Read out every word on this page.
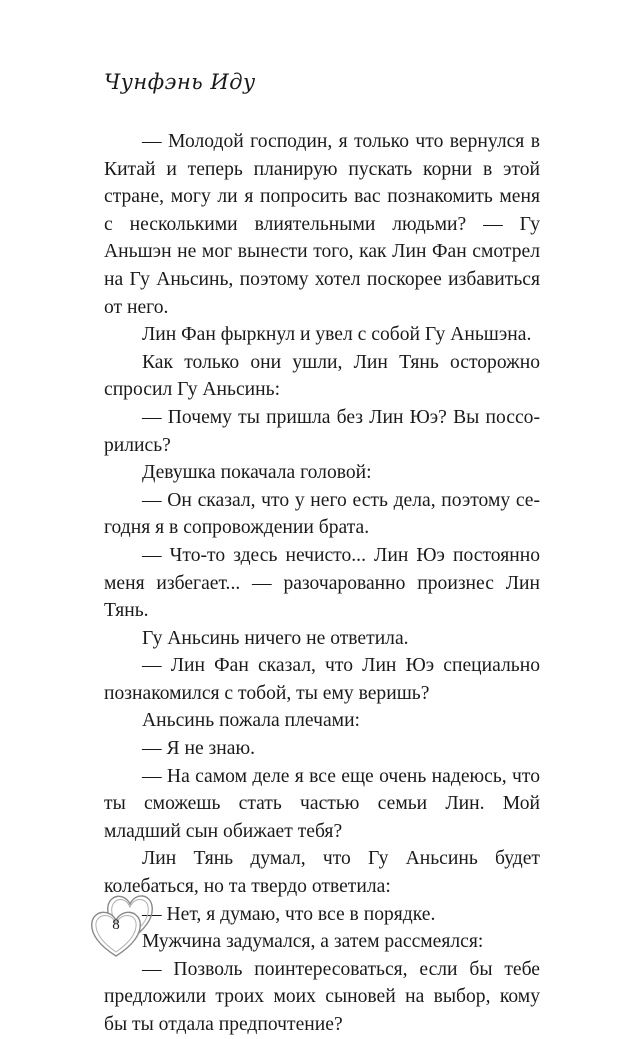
Чунфэнь Иду

— Молодой господин, я только что вернулся в Китай и теперь планирую пускать корни в этой стране, могу ли я попросить вас познакомить меня с несколькими влиятельными людьми? — Гу Аньшэн не мог вынести того, как Лин Фан смотрел на Гу Аньсинь, поэтому хотел поскорее избавиться от него.

Лин Фан фыркнул и увел с собой Гу Аньшэна.

Как только они ушли, Лин Тянь осторожно спросил Гу Аньсинь:

— Почему ты пришла без Лин Юэ? Вы поссорились?

Девушка покачала головой:

— Он сказал, что у него есть дела, поэтому сегодня я в сопровождении брата.

— Что-то здесь нечисто... Лин Юэ постоянно меня избегает... — разочарованно произнес Лин Тянь.

Гу Аньсинь ничего не ответила.

— Лин Фан сказал, что Лин Юэ специально познакомился с тобой, ты ему веришь?

Аньсинь пожала плечами:

— Я не знаю.

— На самом деле я все еще очень надеюсь, что ты сможешь стать частью семьи Лин. Мой младший сын обижает тебя?

Лин Тянь думал, что Гу Аньсинь будет колебаться, но та твердо ответила:

— Нет, я думаю, что все в порядке.

Мужчина задумался, а затем рассмеялся:

— Позволь поинтересоваться, если бы тебе предложили троих моих сыновей на выбор, кому бы ты отдала предпочтение?

8
